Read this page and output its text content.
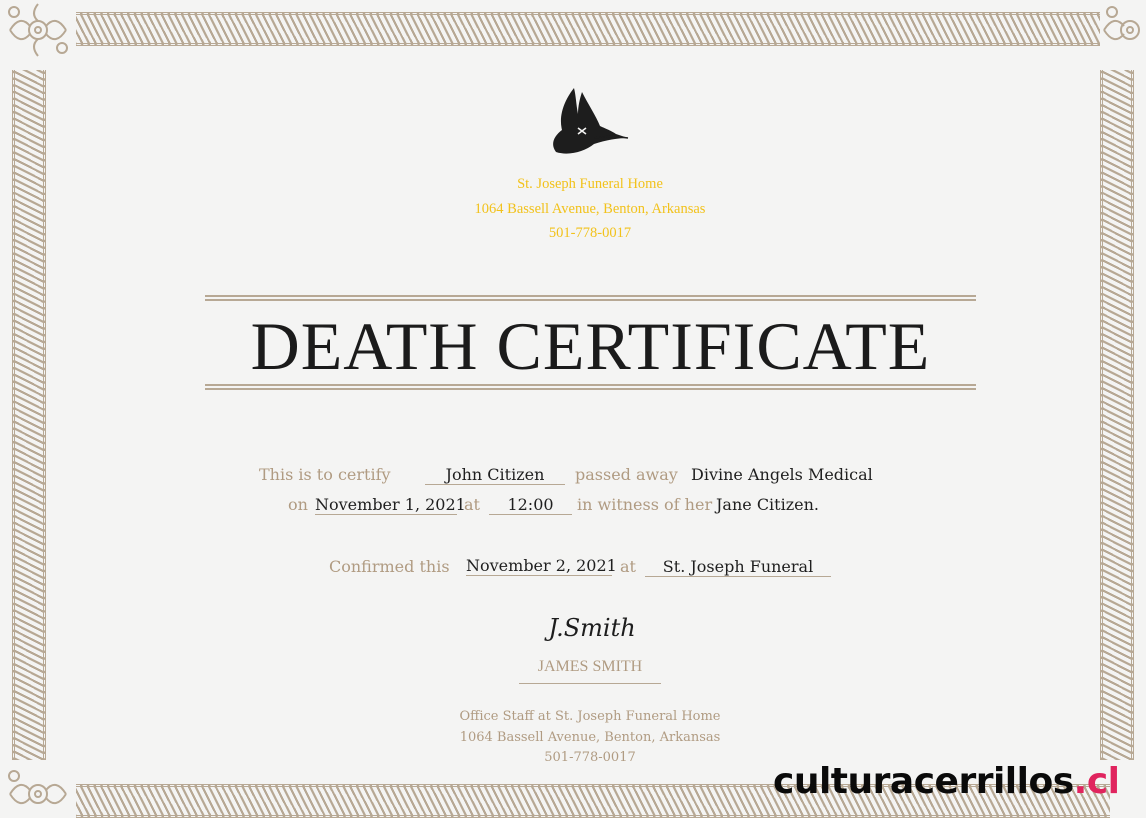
St. Joseph Funeral Home
1064 Bassell Avenue, Benton, Arkansas
501-778-0017
DEATH CERTIFICATE
This is to certify	John Citizen	passed away Divine Angels Medical
on November 1, 2021
at	12:00	in witness of her Jane Citizen.
Confirmed this November 2, 2021 at	St. Joseph Funeral
J.Smith
JAMES SMITH
Office Staff at St. Joseph Funeral Home
1064 Bassell Avenue, Benton, Arkansas
501-778-0017
culturacerrillos.cl
